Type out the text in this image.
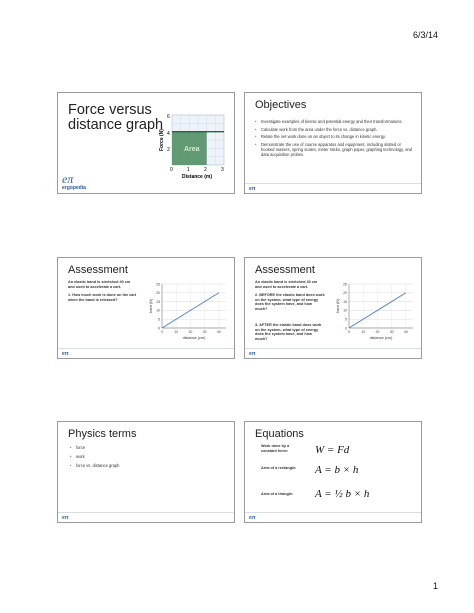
6/3/14
Force versus
distance graph
Area
6
4
2
0	1	2	3
Distance (m)
Force (N)
eπ
ergopedia
Objectives
• Investigate examples of kinetic and potential energy and their transformations.
• Calculate work from the area under the force vs. distance graph.
• Relate the net work done on an object to its change in kinetic energy.
• Demonstrate the use of course apparatus and equipment, including slotted or hooked masses, spring scales, meter sticks, graph paper, graphing technology, and data acquisition probes.
eπ
Assessment
An elastic band is stretched 40 cm and used to accelerate a cart.
1. How much work is done on the cart when the band is released?
0
5
10
15
20
25
0	10	20	30	40
distance (cm)
force (N)
eπ
Assessment
An elastic band is stretched 40 cm and used to accelerate a cart.
2. BEFORE the elastic band does work on the system, what type of energy does the system have, and how much?
3. AFTER the elastic band does work on the system, what type of energy does the system have, and how much?
0
5
10
15
20
25
0	10	20	30	40
distance (cm)
force (N)
eπ
Physics terms
• force
• work
• force vs. distance graph
eπ
Equations
Work done by a constant force:	W = Fd
Area of a rectangle:	A = b × h
Area of a triangle:	A = ½ b × h
eπ
1
